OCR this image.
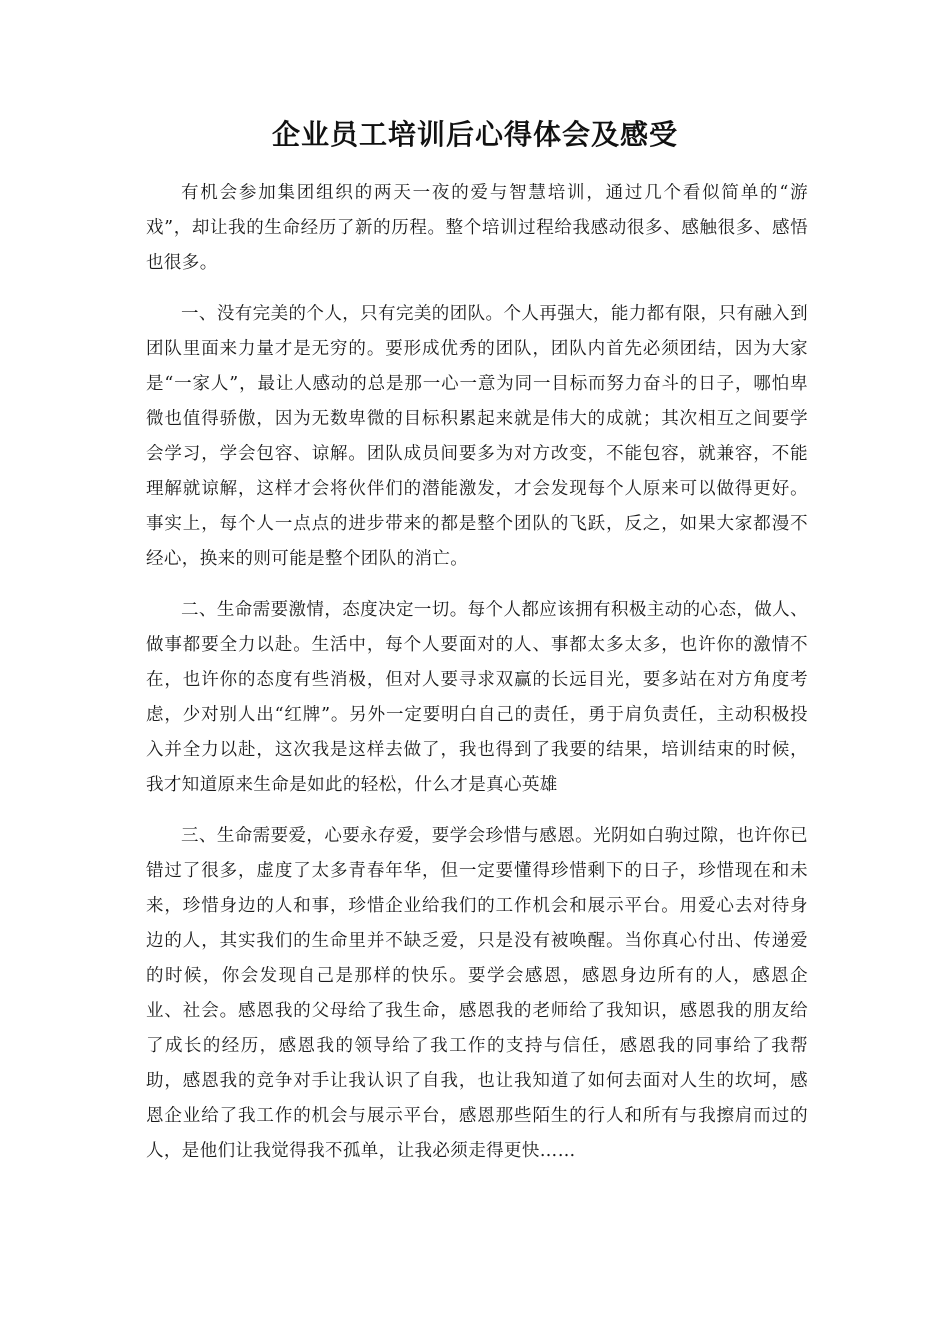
企业员工培训后心得体会及感受

有机会参加集团组织的两天一夜的爱与智慧培训，通过几个看似简单的“游戏”，却让我的生命经历了新的历程。整个培训过程给我感动很多、感触很多、感悟也很多。

一、没有完美的个人，只有完美的团队。个人再强大，能力都有限，只有融入到团队里面来力量才是无穷的。要形成优秀的团队，团队内首先必须团结，因为大家是“一家人”，最让人感动的总是那一心一意为同一目标而努力奋斗的日子，哪怕卑微也值得骄傲，因为无数卑微的目标积累起来就是伟大的成就；其次相互之间要学会学习，学会包容、谅解。团队成员间要多为对方改变，不能包容，就兼容，不能理解就谅解，这样才会将伙伴们的潜能激发，才会发现每个人原来可以做得更好。事实上，每个人一点点的进步带来的都是整个团队的飞跃，反之，如果大家都漫不经心，换来的则可能是整个团队的消亡。

二、生命需要激情，态度决定一切。每个人都应该拥有积极主动的心态，做人、做事都要全力以赴。生活中，每个人要面对的人、事都太多太多，也许你的激情不在，也许你的态度有些消极，但对人要寻求双赢的长远目光，要多站在对方角度考虑，少对别人出“红牌”。另外一定要明白自己的责任，勇于肩负责任，主动积极投入并全力以赴，这次我是这样去做了，我也得到了我要的结果，培训结束的时候，我才知道原来生命是如此的轻松，什么才是真心英雄

三、生命需要爱，心要永存爱，要学会珍惜与感恩。光阴如白驹过隙，也许你已错过了很多，虚度了太多青春年华，但一定要懂得珍惜剩下的日子，珍惜现在和未来，珍惜身边的人和事，珍惜企业给我们的工作机会和展示平台。用爱心去对待身边的人，其实我们的生命里并不缺乏爱，只是没有被唤醒。当你真心付出、传递爱的时候，你会发现自己是那样的快乐。要学会感恩，感恩身边所有的人，感恩企业、社会。感恩我的父母给了我生命，感恩我的老师给了我知识，感恩我的朋友给了成长的经历，感恩我的领导给了我工作的支持与信任，感恩我的同事给了我帮助，感恩我的竞争对手让我认识了自我，也让我知道了如何去面对人生的坎坷，感恩企业给了我工作的机会与展示平台，感恩那些陌生的行人和所有与我擦肩而过的人，是他们让我觉得我不孤单，让我必须走得更快……
